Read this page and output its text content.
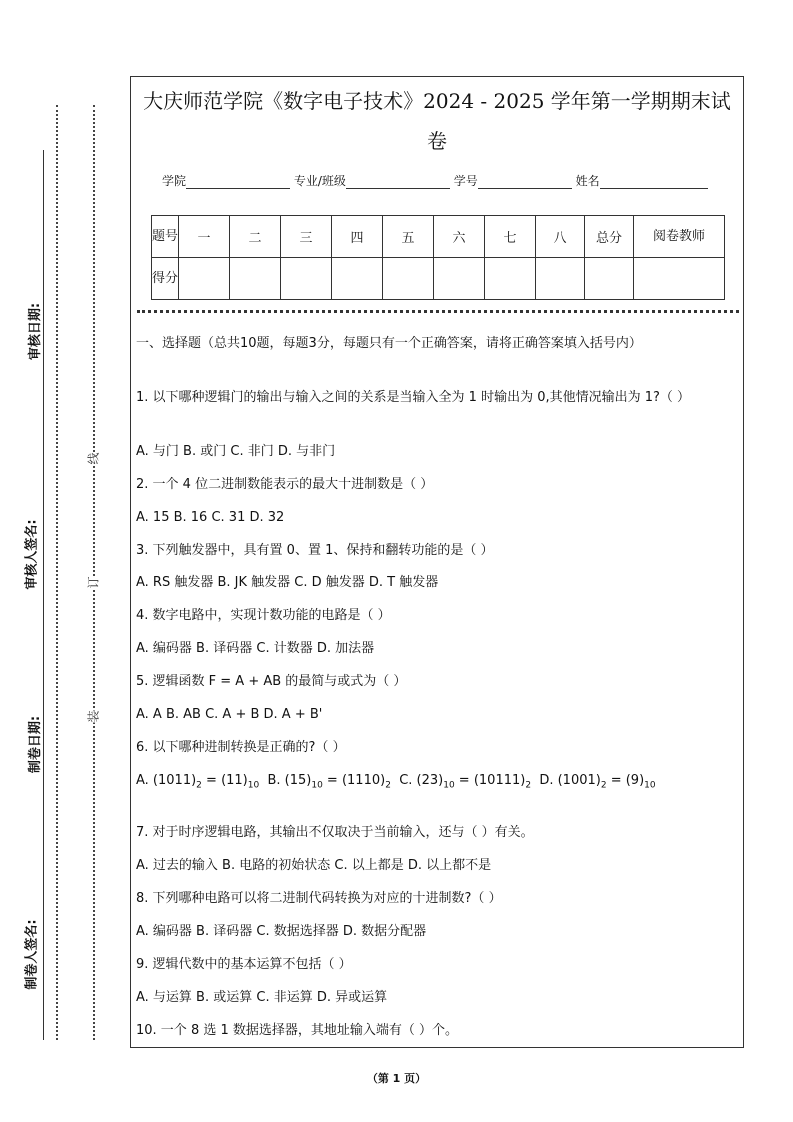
审核日期:
审核人签名:
制卷日期:
制卷人签名:
线
订
装
大庆师范学院《数字电子技术》2024 - 2025 学年第一学期期末试
卷
学院	专业/班级	学号	姓名
题号	一	二	三	四	五	六	七	八	总分	阅卷教师
得分										
一、选择题（总共10题，每题3分，每题只有一个正确答案，请将正确答案填入括号内）
1. 以下哪种逻辑门的输出与输入之间的关系是当输入全为 1 时输出为 0,其他情况输出为 1?（ ）
A. 与门 B. 或门 C. 非门 D. 与非门
2. 一个 4 位二进制数能表示的最大十进制数是（ ）
A. 15 B. 16 C. 31 D. 32
3. 下列触发器中，具有置 0、置 1、保持和翻转功能的是（ ）
A. RS 触发器 B. JK 触发器 C. D 触发器 D. T 触发器
4. 数字电路中，实现计数功能的电路是（ ）
A. 编码器 B. 译码器 C. 计数器 D. 加法器
5. 逻辑函数 F = A + AB 的最简与或式为（ ）
A. A B. AB C. A + B D. A + B'
6. 以下哪种进制转换是正确的?（ ）
A. $(1011)_2 = (11)_{10}$ B. $(15)_{10} = (1110)_2$ C. $(23)_{10} = (10111)_2$ D. $(1001)_2 = (9)_{10}$
7. 对于时序逻辑电路，其输出不仅取决于当前输入，还与（ ）有关。
A. 过去的输入 B. 电路的初始状态 C. 以上都是 D. 以上都不是
8. 下列哪种电路可以将二进制代码转换为对应的十进制数?（ ）
A. 编码器 B. 译码器 C. 数据选择器 D. 数据分配器
9. 逻辑代数中的基本运算不包括（ ）
A. 与运算 B. 或运算 C. 非运算 D. 异或运算
10. 一个 8 选 1 数据选择器，其地址输入端有（ ）个。
（第 1 页）
